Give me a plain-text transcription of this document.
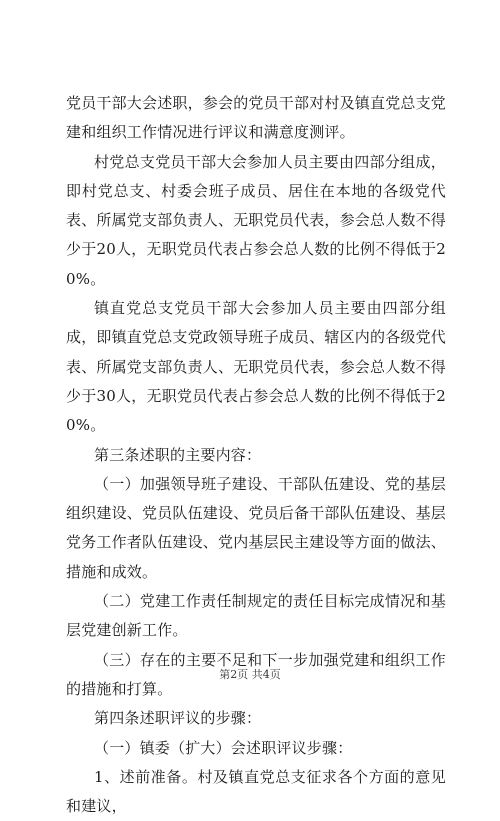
党员干部大会述职，参会的党员干部对村及镇直党总支党建和组织工作情况进行评议和满意度测评。

村党总支党员干部大会参加人员主要由四部分组成，即村党总支、村委会班子成员、居住在本地的各级党代表、所属党支部负责人、无职党员代表，参会总人数不得少于20人，无职党员代表占参会总人数的比例不得低于20%。

镇直党总支党员干部大会参加人员主要由四部分组成，即镇直党总支党政领导班子成员、辖区内的各级党代表、所属党支部负责人、无职党员代表，参会总人数不得少于30人，无职党员代表占参会总人数的比例不得低于20%。

第三条述职的主要内容：

（一）加强领导班子建设、干部队伍建设、党的基层组织建设、党员队伍建设、党员后备干部队伍建设、基层党务工作者队伍建设、党内基层民主建设等方面的做法、措施和成效。

（二）党建工作责任制规定的责任目标完成情况和基层党建创新工作。

（三）存在的主要不足和下一步加强党建和组织工作的措施和打算。

第四条述职评议的步骤：

（一）镇委（扩大）会述职评议步骤：

1、述前准备。村及镇直党总支征求各个方面的意见和建议，

第2页 共4页
